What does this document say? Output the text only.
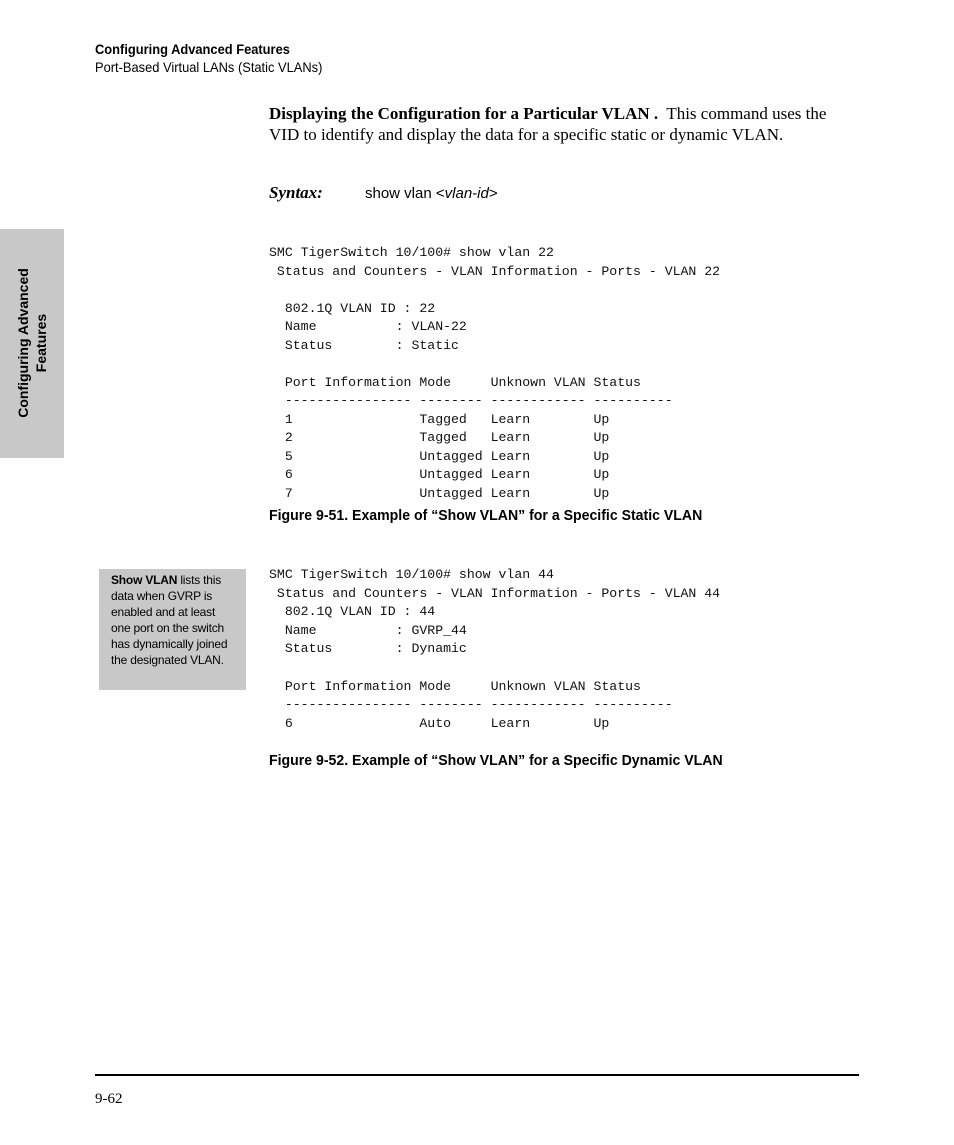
Configuring Advanced Features
Port-Based Virtual LANs (Static VLANs)
Configuring Advanced Features
Displaying the Configuration for a Particular VLAN . This command uses the VID to identify and display the data for a specific static or dynamic VLAN.
Syntax:	show vlan <vlan-id>
SMC TigerSwitch 10/100# show vlan 22
Status and Counters - VLAN Information - Ports - VLAN 22

802.1Q VLAN ID : 22
Name          : VLAN-22
Status        : Static

Port Information Mode     Unknown VLAN Status
---------------- -------- ------------ ----------
1                Tagged   Learn        Up
2                Tagged   Learn        Up
5                Untagged Learn        Up
6                Untagged Learn        Up
7                Untagged Learn        Up
Figure 9-51. Example of “Show VLAN” for a Specific Static VLAN
Show VLAN lists this data when GVRP is enabled and at least one port on the switch has dynamically joined the designated VLAN.
SMC TigerSwitch 10/100# show vlan 44
Status and Counters - VLAN Information - Ports - VLAN 44
802.1Q VLAN ID : 44
Name          : GVRP_44
Status        : Dynamic

Port Information Mode     Unknown VLAN Status
---------------- -------- ------------ ----------
6                Auto     Learn        Up
Figure 9-52. Example of “Show VLAN” for a Specific Dynamic VLAN
9-62
